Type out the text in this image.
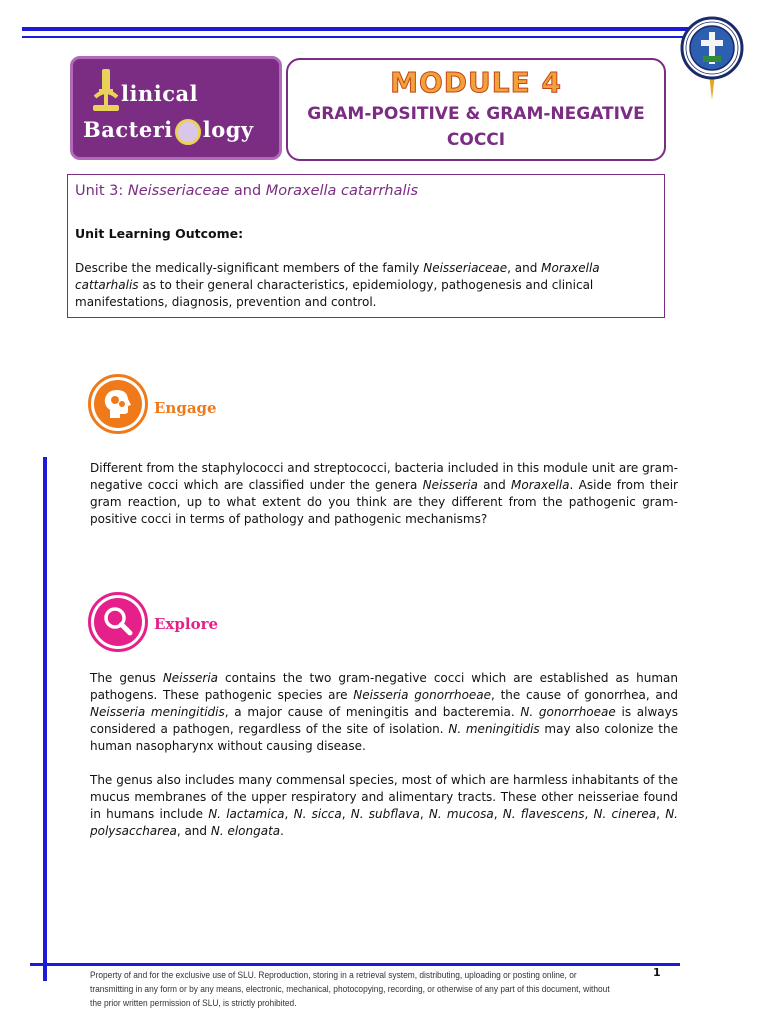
linical
Bacteri logy
MODULE 4
GRAM-POSITIVE & GRAM-NEGATIVE
COCCI
Unit 3: Neisseriaceae and Moraxella catarrhalis
Unit Learning Outcome:
Describe the medically-significant members of the family Neisseriaceae, and Moraxella cattarhalis as to their general characteristics, epidemiology, pathogenesis and clinical manifestations, diagnosis, prevention and control.
Engage
Different from the staphylococci and streptococci, bacteria included in this module unit are gram-negative cocci which are classified under the genera Neisseria and Moraxella. Aside from their gram reaction, up to what extent do you think are they different from the pathogenic gram-positive cocci in terms of pathology and pathogenic mechanisms?
Explore
The genus Neisseria contains the two gram-negative cocci which are established as human pathogens. These pathogenic species are Neisseria gonorrhoeae, the cause of gonorrhea, and Neisseria meningitidis, a major cause of meningitis and bacteremia. N. gonorrhoeae is always considered a pathogen, regardless of the site of isolation. N. meningitidis may also colonize the human nasopharynx without causing disease.
The genus also includes many commensal species, most of which are harmless inhabitants of the mucus membranes of the upper respiratory and alimentary tracts. These other neisseriae found in humans include N. lactamica, N. sicca, N. subflava, N. mucosa, N. flavescens, N. cinerea, N. polysaccharea, and N. elongata.
Property of and for the exclusive use of SLU. Reproduction, storing in a retrieval system, distributing, uploading or posting online, or transmitting in any form or by any means, electronic, mechanical, photocopying, recording, or otherwise of any part of this document, without the prior written permission of SLU, is strictly prohibited.
1
